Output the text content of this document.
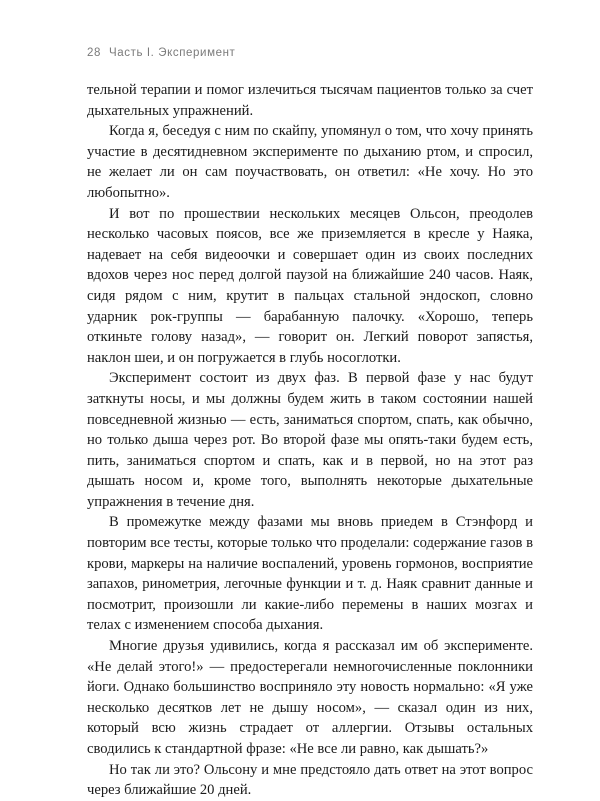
28 Часть I. Эксперимент

тельной терапии и помог излечиться тысячам пациентов только за счет дыхательных упражнений.

Когда я, беседуя с ним по скайпу, упомянул о том, что хочу принять участие в десятидневном эксперименте по дыханию ртом, и спросил, не желает ли он сам поучаствовать, он ответил: «Не хочу. Но это любопытно».

И вот по прошествии нескольких месяцев Ольсон, преодолев несколько часовых поясов, все же приземляется в кресле у Наяка, надевает на себя видеоочки и совершает один из своих последних вдохов через нос перед долгой паузой на ближайшие 240 часов. Наяк, сидя рядом с ним, крутит в пальцах стальной эндоскоп, словно ударник рок-группы — барабанную палочку. «Хорошо, теперь откиньте голову назад», — говорит он. Легкий поворот запястья, наклон шеи, и он погружается в глубь носоглотки.

Эксперимент состоит из двух фаз. В первой фазе у нас будут заткнуты носы, и мы должны будем жить в таком состоянии нашей повседневной жизнью — есть, заниматься спортом, спать, как обычно, но только дыша через рот. Во второй фазе мы опять-таки будем есть, пить, заниматься спортом и спать, как и в первой, но на этот раз дышать носом и, кроме того, выполнять некоторые дыхательные упражнения в течение дня.

В промежутке между фазами мы вновь приедем в Стэнфорд и повторим все тесты, которые только что проделали: содержание газов в крови, маркеры на наличие воспалений, уровень гормонов, восприятие запахов, ринометрия, легочные функции и т. д. Наяк сравнит данные и посмотрит, произошли ли какие-либо перемены в наших мозгах и телах с изменением способа дыхания.

Многие друзья удивились, когда я рассказал им об эксперименте. «Не делай этого!» — предостерегали немногочисленные поклонники йоги. Однако большинство восприняло эту новость нормально: «Я уже несколько десятков лет не дышу носом», — сказал один из них, который всю жизнь страдает от аллергии. Отзывы остальных сводились к стандартной фразе: «Не все ли равно, как дышать?»

Но так ли это? Ольсону и мне предстояло дать ответ на этот вопрос через ближайшие 20 дней.
